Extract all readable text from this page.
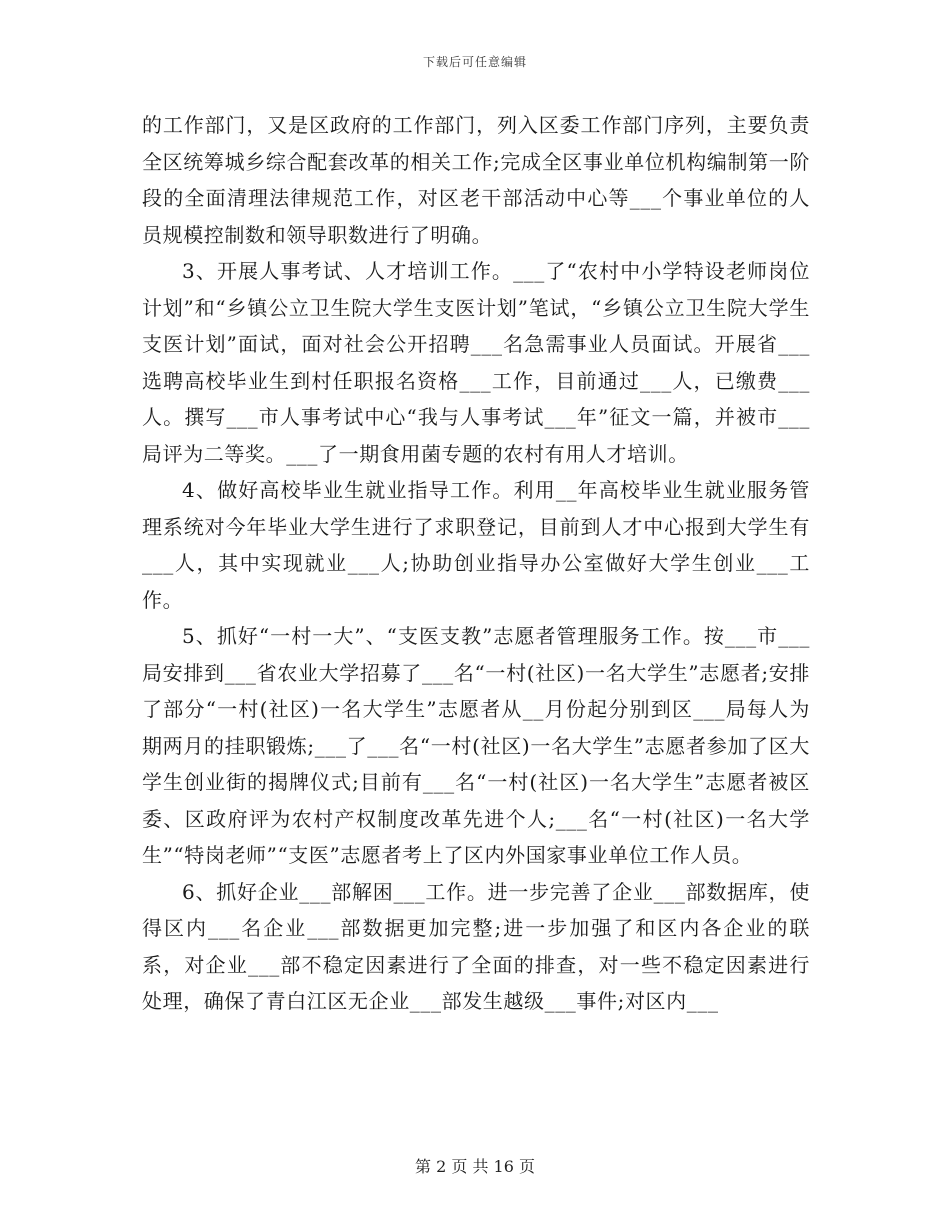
下载后可任意编辑

的工作部门，又是区政府的工作部门，列入区委工作部门序列，主要负责全区统筹城乡综合配套改革的相关工作;完成全区事业单位机构编制第一阶段的全面清理法律规范工作，对区老干部活动中心等___个事业单位的人员规模控制数和领导职数进行了明确。

3、开展人事考试、人才培训工作。___了“农村中小学特设老师岗位计划”和“乡镇公立卫生院大学生支医计划”笔试，“乡镇公立卫生院大学生支医计划”面试，面对社会公开招聘___名急需事业人员面试。开展省___选聘高校毕业生到村任职报名资格___工作，目前通过___人，已缴费___人。撰写___市人事考试中心“我与人事考试___年”征文一篇，并被市___局评为二等奖。___了一期食用菌专题的农村有用人才培训。

4、做好高校毕业生就业指导工作。利用__年高校毕业生就业服务管理系统对今年毕业大学生进行了求职登记，目前到人才中心报到大学生有___人，其中实现就业___人;协助创业指导办公室做好大学生创业___工作。

5、抓好“一村一大”、“支医支教”志愿者管理服务工作。按___市___局安排到___省农业大学招募了___名“一村(社区)一名大学生”志愿者;安排了部分“一村(社区)一名大学生”志愿者从__月份起分别到区___局每人为期两月的挂职锻炼;___了___名“一村(社区)一名大学生”志愿者参加了区大学生创业街的揭牌仪式;目前有___名“一村(社区)一名大学生”志愿者被区委、区政府评为农村产权制度改革先进个人;___名“一村(社区)一名大学生”“特岗老师”“支医”志愿者考上了区内外国家事业单位工作人员。

6、抓好企业___部解困___工作。进一步完善了企业___部数据库，使得区内___名企业___部数据更加完整;进一步加强了和区内各企业的联系，对企业___部不稳定因素进行了全面的排查，对一些不稳定因素进行处理，确保了青白江区无企业___部发生越级___事件;对区内___

第 2 页 共 16 页
